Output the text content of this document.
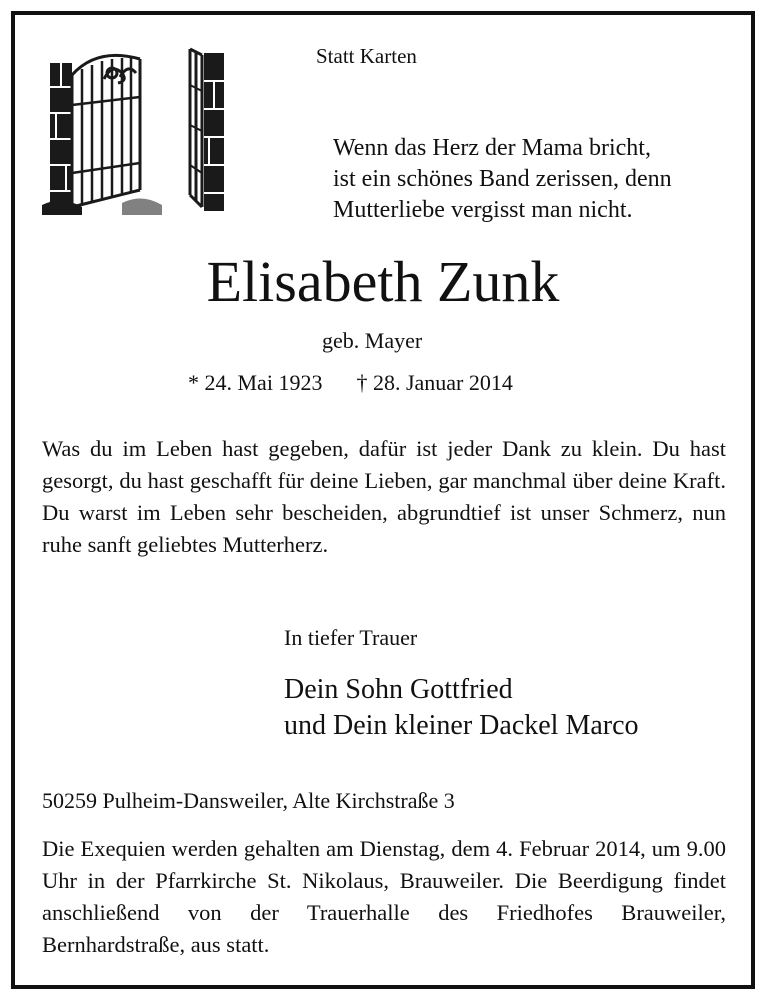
Statt Karten

Wenn das Herz der Mama bricht,
ist ein schönes Band zerissen, denn
Mutterliebe vergisst man nicht.
Elisabeth Zunk

geb. Mayer

* 24. Mai 1923 † 28. Januar 2014

Was du im Leben hast gegeben, dafür ist jeder Dank zu klein. Du hast gesorgt, du hast geschafft für deine Lieben, gar manchmal über deine Kraft. Du warst im Leben sehr bescheiden, abgrundtief ist unser Schmerz, nun ruhe sanft geliebtes Mutterherz.

In tiefer Trauer

Dein Sohn Gottfried
und Dein kleiner Dackel Marco

50259 Pulheim-Dansweiler, Alte Kirchstraße 3

Die Exequien werden gehalten am Dienstag, dem 4. Februar 2014, um 9.00 Uhr in der Pfarrkirche St. Nikolaus, Brauweiler. Die Beerdigung findet anschließend von der Trauerhalle des Friedhofes Brauweiler, Bernhardstraße, aus statt.
